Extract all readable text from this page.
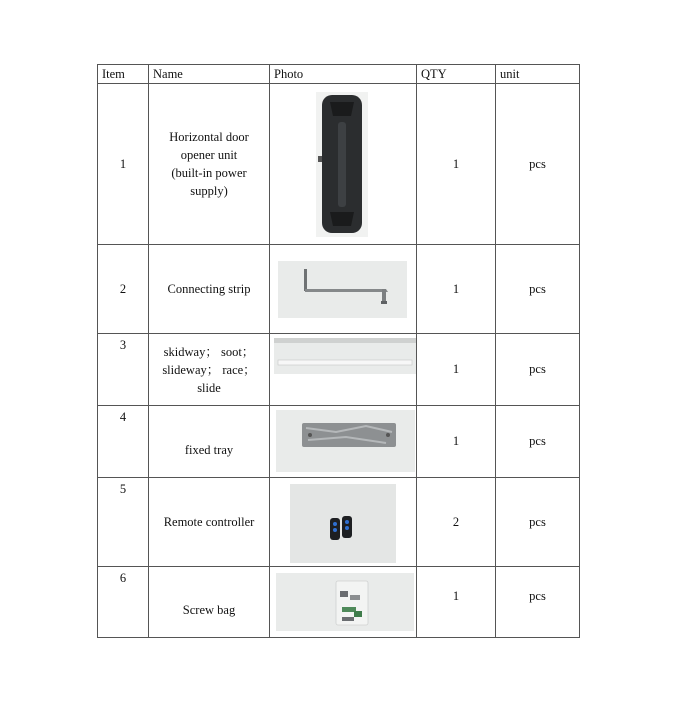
Item	Name	Photo	QTY	unit
1	Horizontal door
opener unit
(built-in power
supply)		1	pcs
2	Connecting strip		1	pcs
3	skidway； soot；
slideway； race；
slide		1	pcs
4	fixed tray		1	pcs
5	Remote controller		2	pcs
6	Screw bag		1	pcs
